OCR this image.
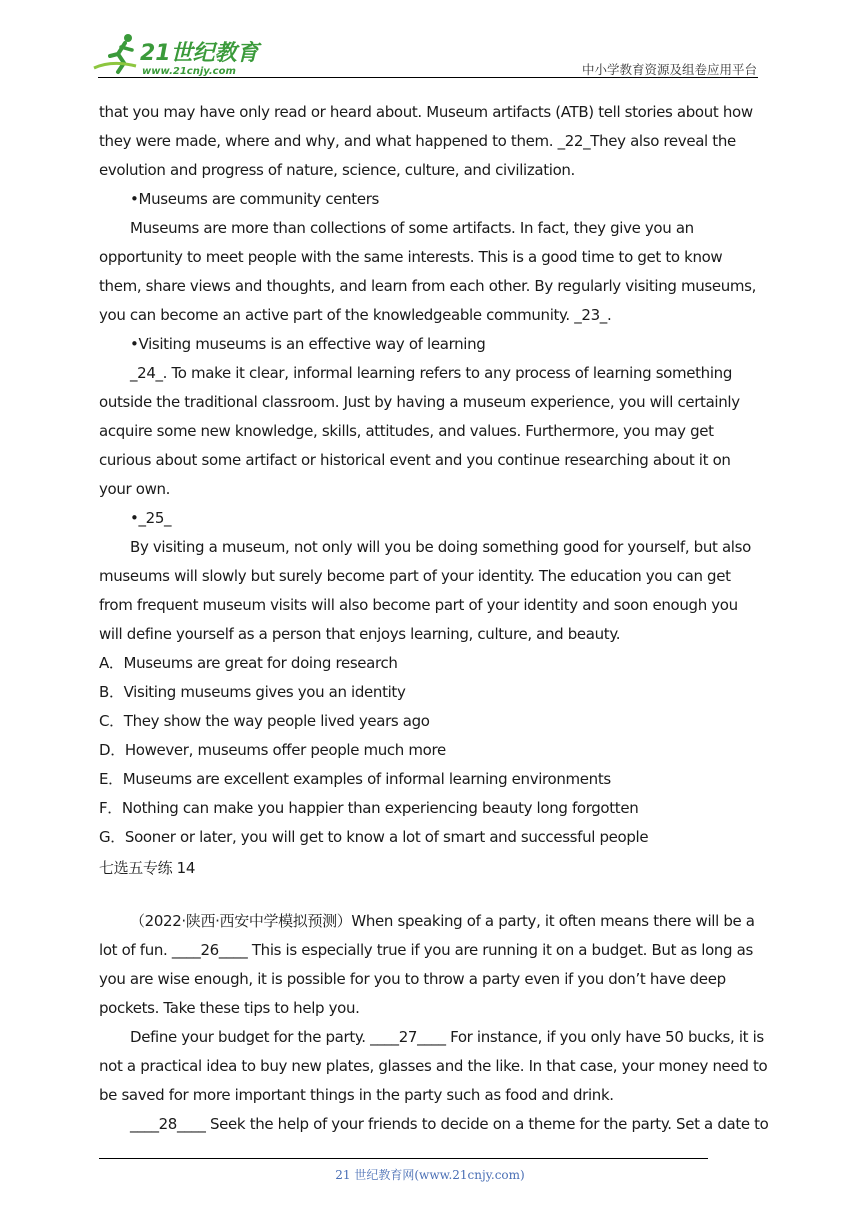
21世纪教育
www.21cnjy.com	中小学教育资源及组卷应用平台
that you may have only read or heard about. Museum artifacts (ATB) tell stories about how
they were made, where and why, and what happened to them. _22_They also reveal the
evolution and progress of nature, science, culture, and civilization.
•Museums are community centers
Museums are more than collections of some artifacts. In fact, they give you an
opportunity to meet people with the same interests. This is a good time to get to know
them, share views and thoughts, and learn from each other. By regularly visiting museums,
you can become an active part of the knowledgeable community. _23_.
•Visiting museums is an effective way of learning
_24_. To make it clear, informal learning refers to any process of learning something
outside the traditional classroom. Just by having a museum experience, you will certainly
acquire some new knowledge, skills, attitudes, and values. Furthermore, you may get
curious about some artifact or historical event and you continue researching about it on
your own.
•_25_
By visiting a museum, not only will you be doing something good for yourself, but also
museums will slowly but surely become part of your identity. The education you can get
from frequent museum visits will also become part of your identity and soon enough you
will define yourself as a person that enjoys learning, culture, and beauty.
A．Museums are great for doing research
B．Visiting museums gives you an identity
C．They show the way people lived years ago
D．However, museums offer people much more
E．Museums are excellent examples of informal learning environments
F．Nothing can make you happier than experiencing beauty long forgotten
G．Sooner or later, you will get to know a lot of smart and successful people
七选五专练 14
（2022·陕西·西安中学模拟预测）When speaking of a party, it often means there will be a
lot of fun. ____26____ This is especially true if you are running it on a budget. But as long as
you are wise enough, it is possible for you to throw a party even if you don’t have deep
pockets. Take these tips to help you.
Define your budget for the party. ____27____ For instance, if you only have 50 bucks, it is
not a practical idea to buy new plates, glasses and the like. In that case, your money need to
be saved for more important things in the party such as food and drink.
____28____ Seek the help of your friends to decide on a theme for the party. Set a date to
21 世纪教育网(www.21cnjy.com)
